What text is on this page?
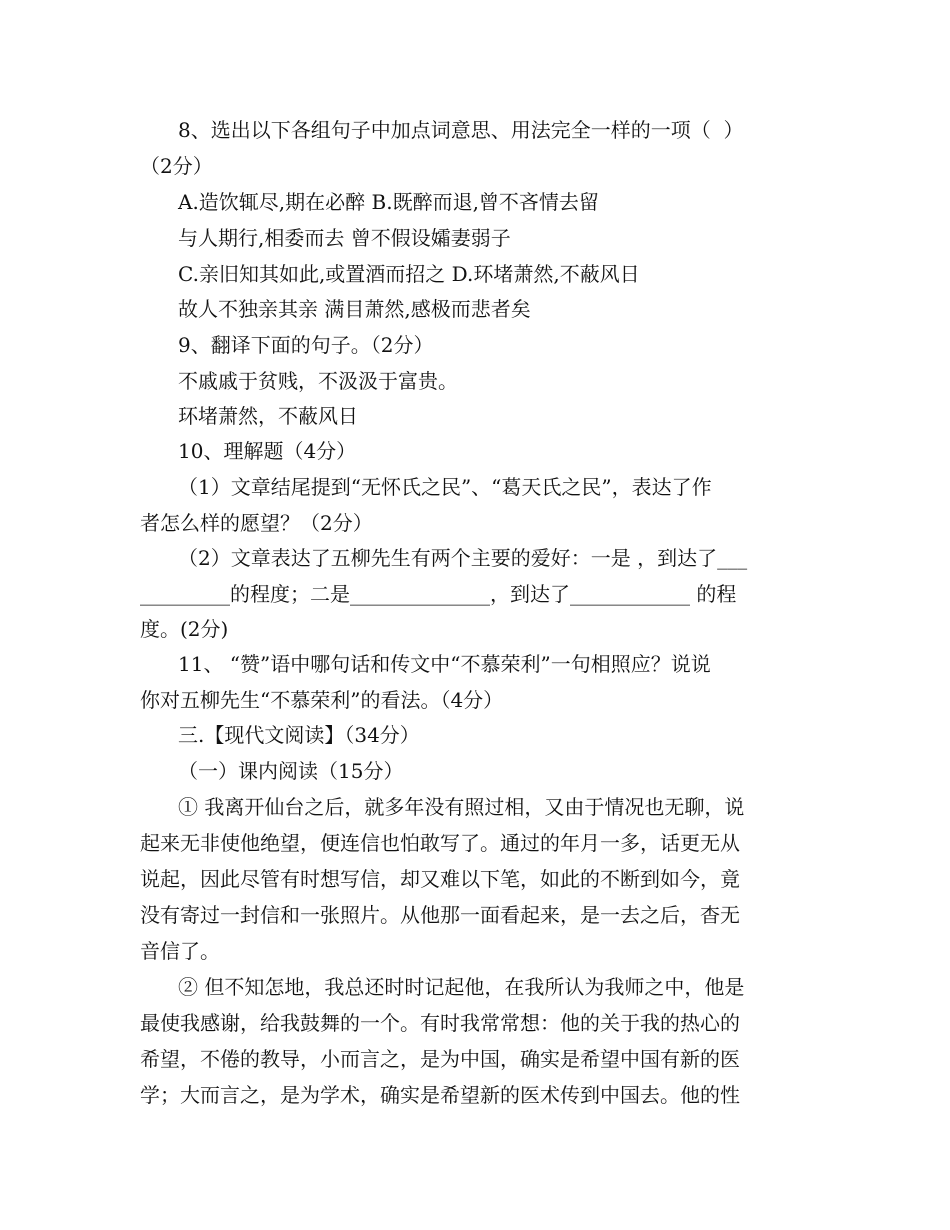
8、选出以下各组句子中加点词意思、用法完全一样的一项（  ）
（2分）
A.造饮辄尽,期在必醉 B.既醉而退,曾不吝情去留
与人期行,相委而去 曾不假设孀妻弱子
C.亲旧知其如此,或置酒而招之 D.环堵萧然,不蔽风日
故人不独亲其亲 满目萧然,感极而悲者矣
9、翻译下面的句子。（2分）
不戚戚于贫贱，不汲汲于富贵。
环堵萧然，不蔽风日
10、理解题（4分）
（1）文章结尾提到“无怀氏之民”、“葛天氏之民”，表达了作
者怎么样的愿望？（2分）
（2）文章表达了五柳先生有两个主要的爱好：一是 ，到达了___
_________的程度；二是______________，到达了____________ 的程
度。(2分)
11、 “赞”语中哪句话和传文中“不慕荣利”一句相照应？说说
你对五柳先生“不慕荣利”的看法。（4分）
三.【现代文阅读】（34分）
（一）课内阅读（15分）
① 我离开仙台之后，就多年没有照过相，又由于情况也无聊，说
起来无非使他绝望，便连信也怕敢写了。通过的年月一多，话更无从
说起，因此尽管有时想写信，却又难以下笔，如此的不断到如今，竟
没有寄过一封信和一张照片。从他那一面看起来，是一去之后，杳无
音信了。
② 但不知怎地，我总还时时记起他，在我所认为我师之中，他是
最使我感谢，给我鼓舞的一个。有时我常常想：他的关于我的热心的
希望，不倦的教导，小而言之，是为中国，确实是希望中国有新的医
学；大而言之，是为学术，确实是希望新的医术传到中国去。他的性
